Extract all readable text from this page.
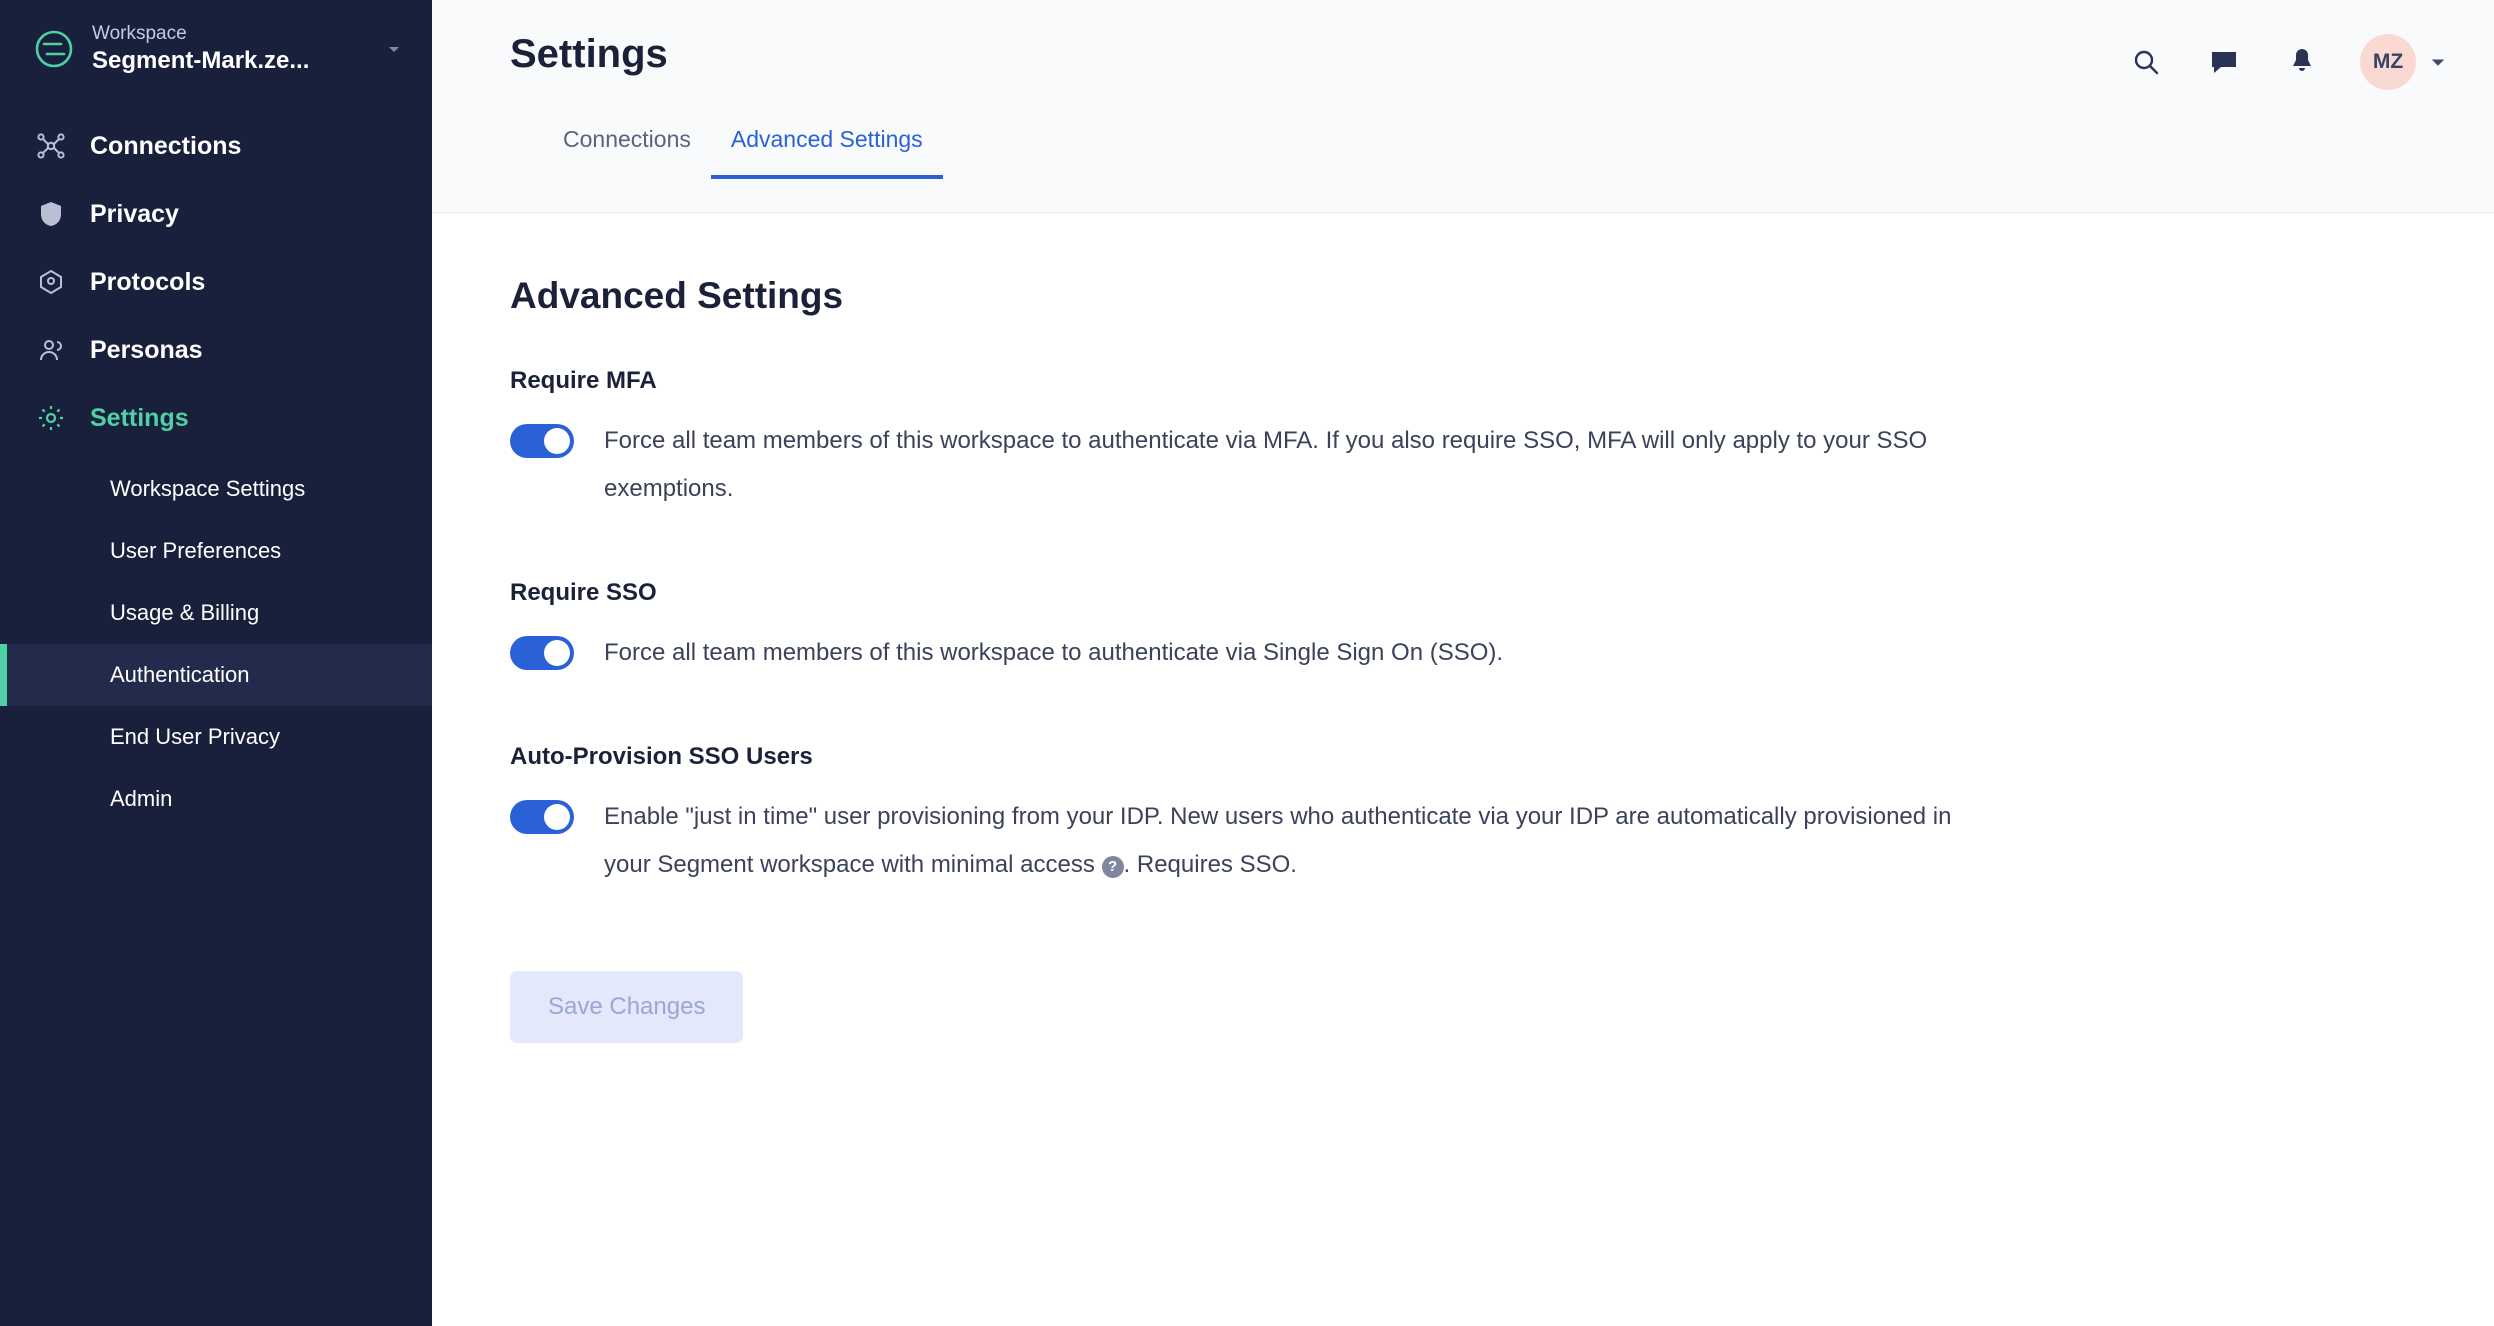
Workspace
Segment-Mark.ze...
Connections
Privacy
Protocols
Personas
Settings
Workspace Settings
User Preferences
Usage & Billing
Authentication
End User Privacy
Admin
Settings	MZ
Connections	Advanced Settings
Advanced Settings
Require MFA
Force all team members of this workspace to authenticate via MFA. If you also require SSO, MFA will only apply to your SSO exemptions.
Require SSO
Force all team members of this workspace to authenticate via Single Sign On (SSO).
Auto-Provision SSO Users
Enable "just in time" user provisioning from your IDP. New users who authenticate via your IDP are automatically provisioned in your Segment workspace with minimal access ? . Requires SSO.
Save Changes
